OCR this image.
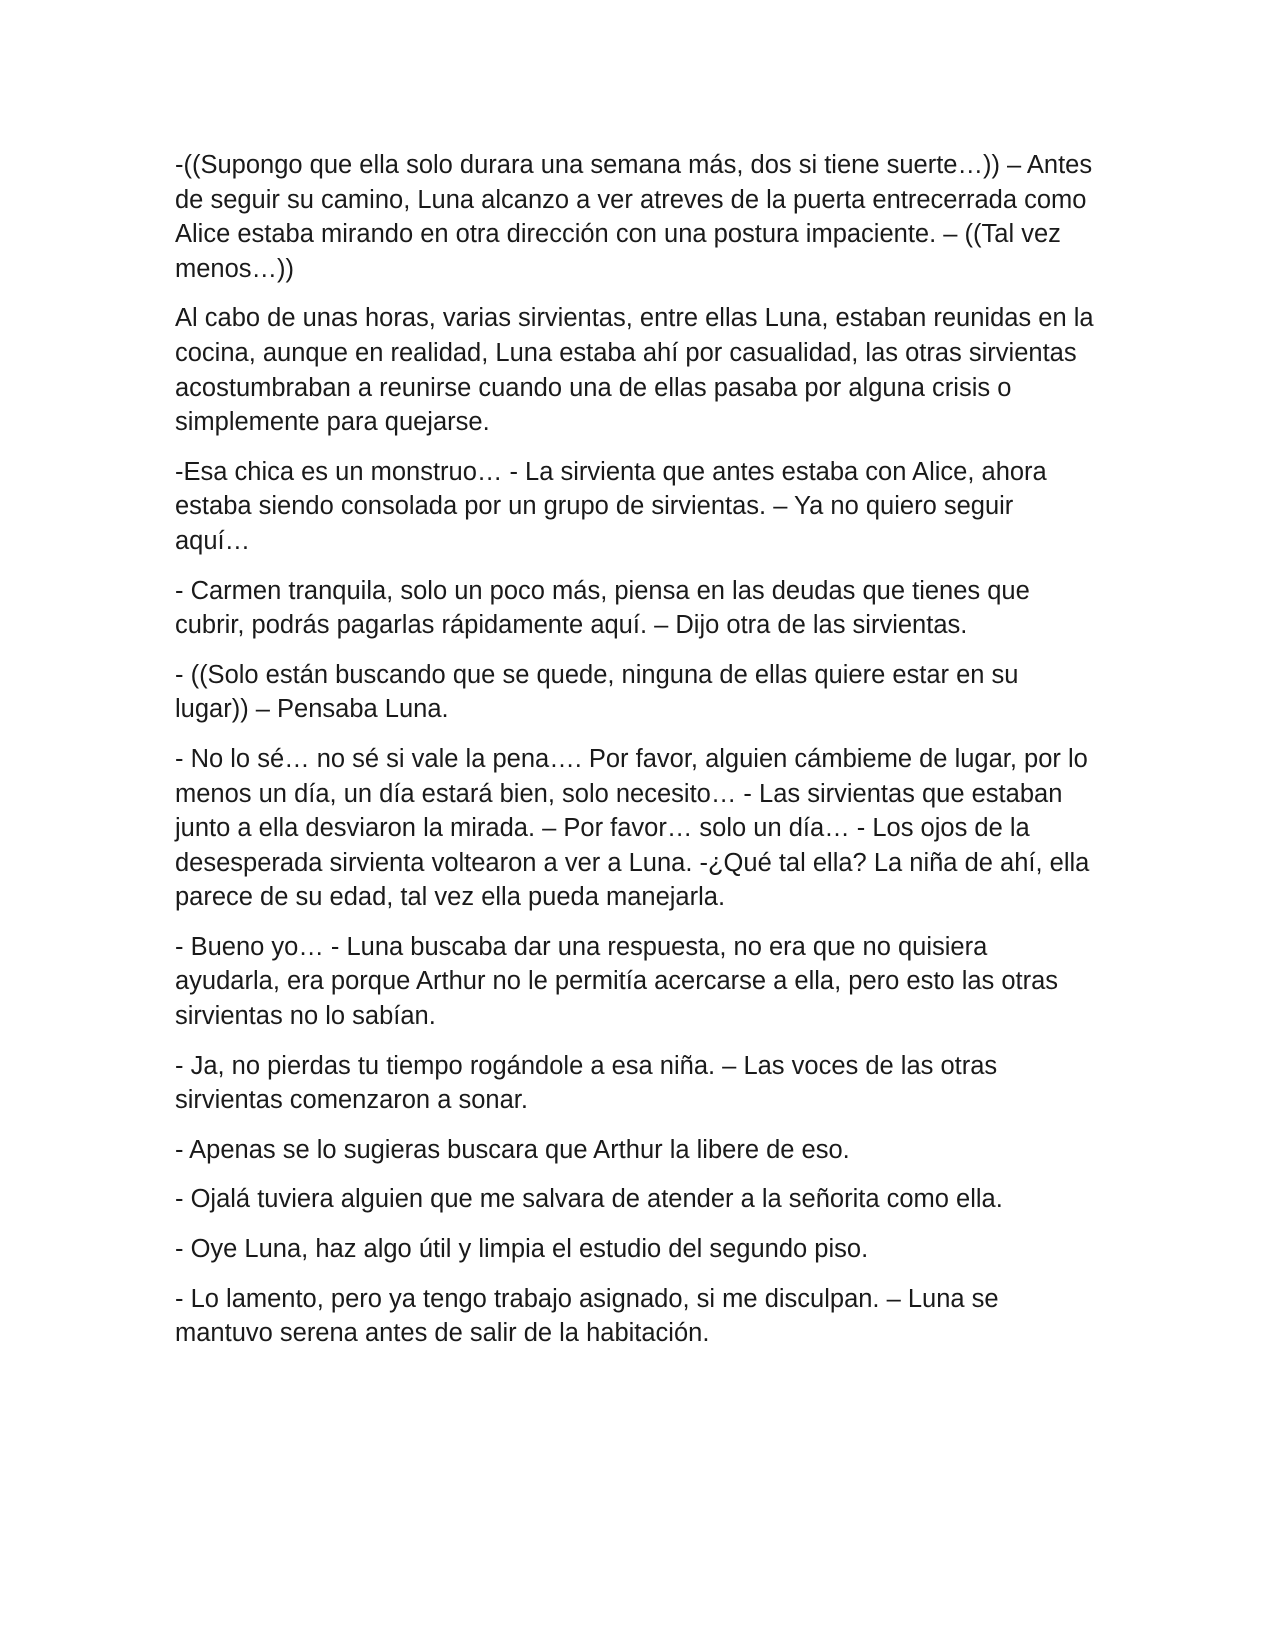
-((Supongo que ella solo durara una semana más, dos si tiene suerte…)) – Antes de seguir su camino, Luna alcanzo a ver atreves de la puerta entrecerrada como Alice estaba mirando en otra dirección con una postura impaciente. – ((Tal vez menos…))

Al cabo de unas horas, varias sirvientas, entre ellas Luna, estaban reunidas en la cocina, aunque en realidad, Luna estaba ahí por casualidad, las otras sirvientas acostumbraban a reunirse cuando una de ellas pasaba por alguna crisis o simplemente para quejarse.

-Esa chica es un monstruo… - La sirvienta que antes estaba con Alice, ahora estaba siendo consolada por un grupo de sirvientas. – Ya no quiero seguir aquí…

- Carmen tranquila, solo un poco más, piensa en las deudas que tienes que cubrir, podrás pagarlas rápidamente aquí. – Dijo otra de las sirvientas.

- ((Solo están buscando que se quede, ninguna de ellas quiere estar en su lugar)) – Pensaba Luna.

- No lo sé… no sé si vale la pena…. Por favor, alguien cámbieme de lugar, por lo menos un día, un día estará bien, solo necesito… - Las sirvientas que estaban junto a ella desviaron la mirada. – Por favor… solo un día… - Los ojos de la desesperada sirvienta voltearon a ver a Luna. -¿Qué tal ella? La niña de ahí, ella parece de su edad, tal vez ella pueda manejarla.

- Bueno yo… - Luna buscaba dar una respuesta, no era que no quisiera ayudarla, era porque Arthur no le permitía acercarse a ella, pero esto las otras sirvientas no lo sabían.

- Ja, no pierdas tu tiempo rogándole a esa niña. – Las voces de las otras sirvientas comenzaron a sonar.

- Apenas se lo sugieras buscara que Arthur la libere de eso.

- Ojalá tuviera alguien que me salvara de atender a la señorita como ella.

- Oye Luna, haz algo útil y limpia el estudio del segundo piso.

- Lo lamento, pero ya tengo trabajo asignado, si me disculpan. – Luna se mantuvo serena antes de salir de la habitación.
